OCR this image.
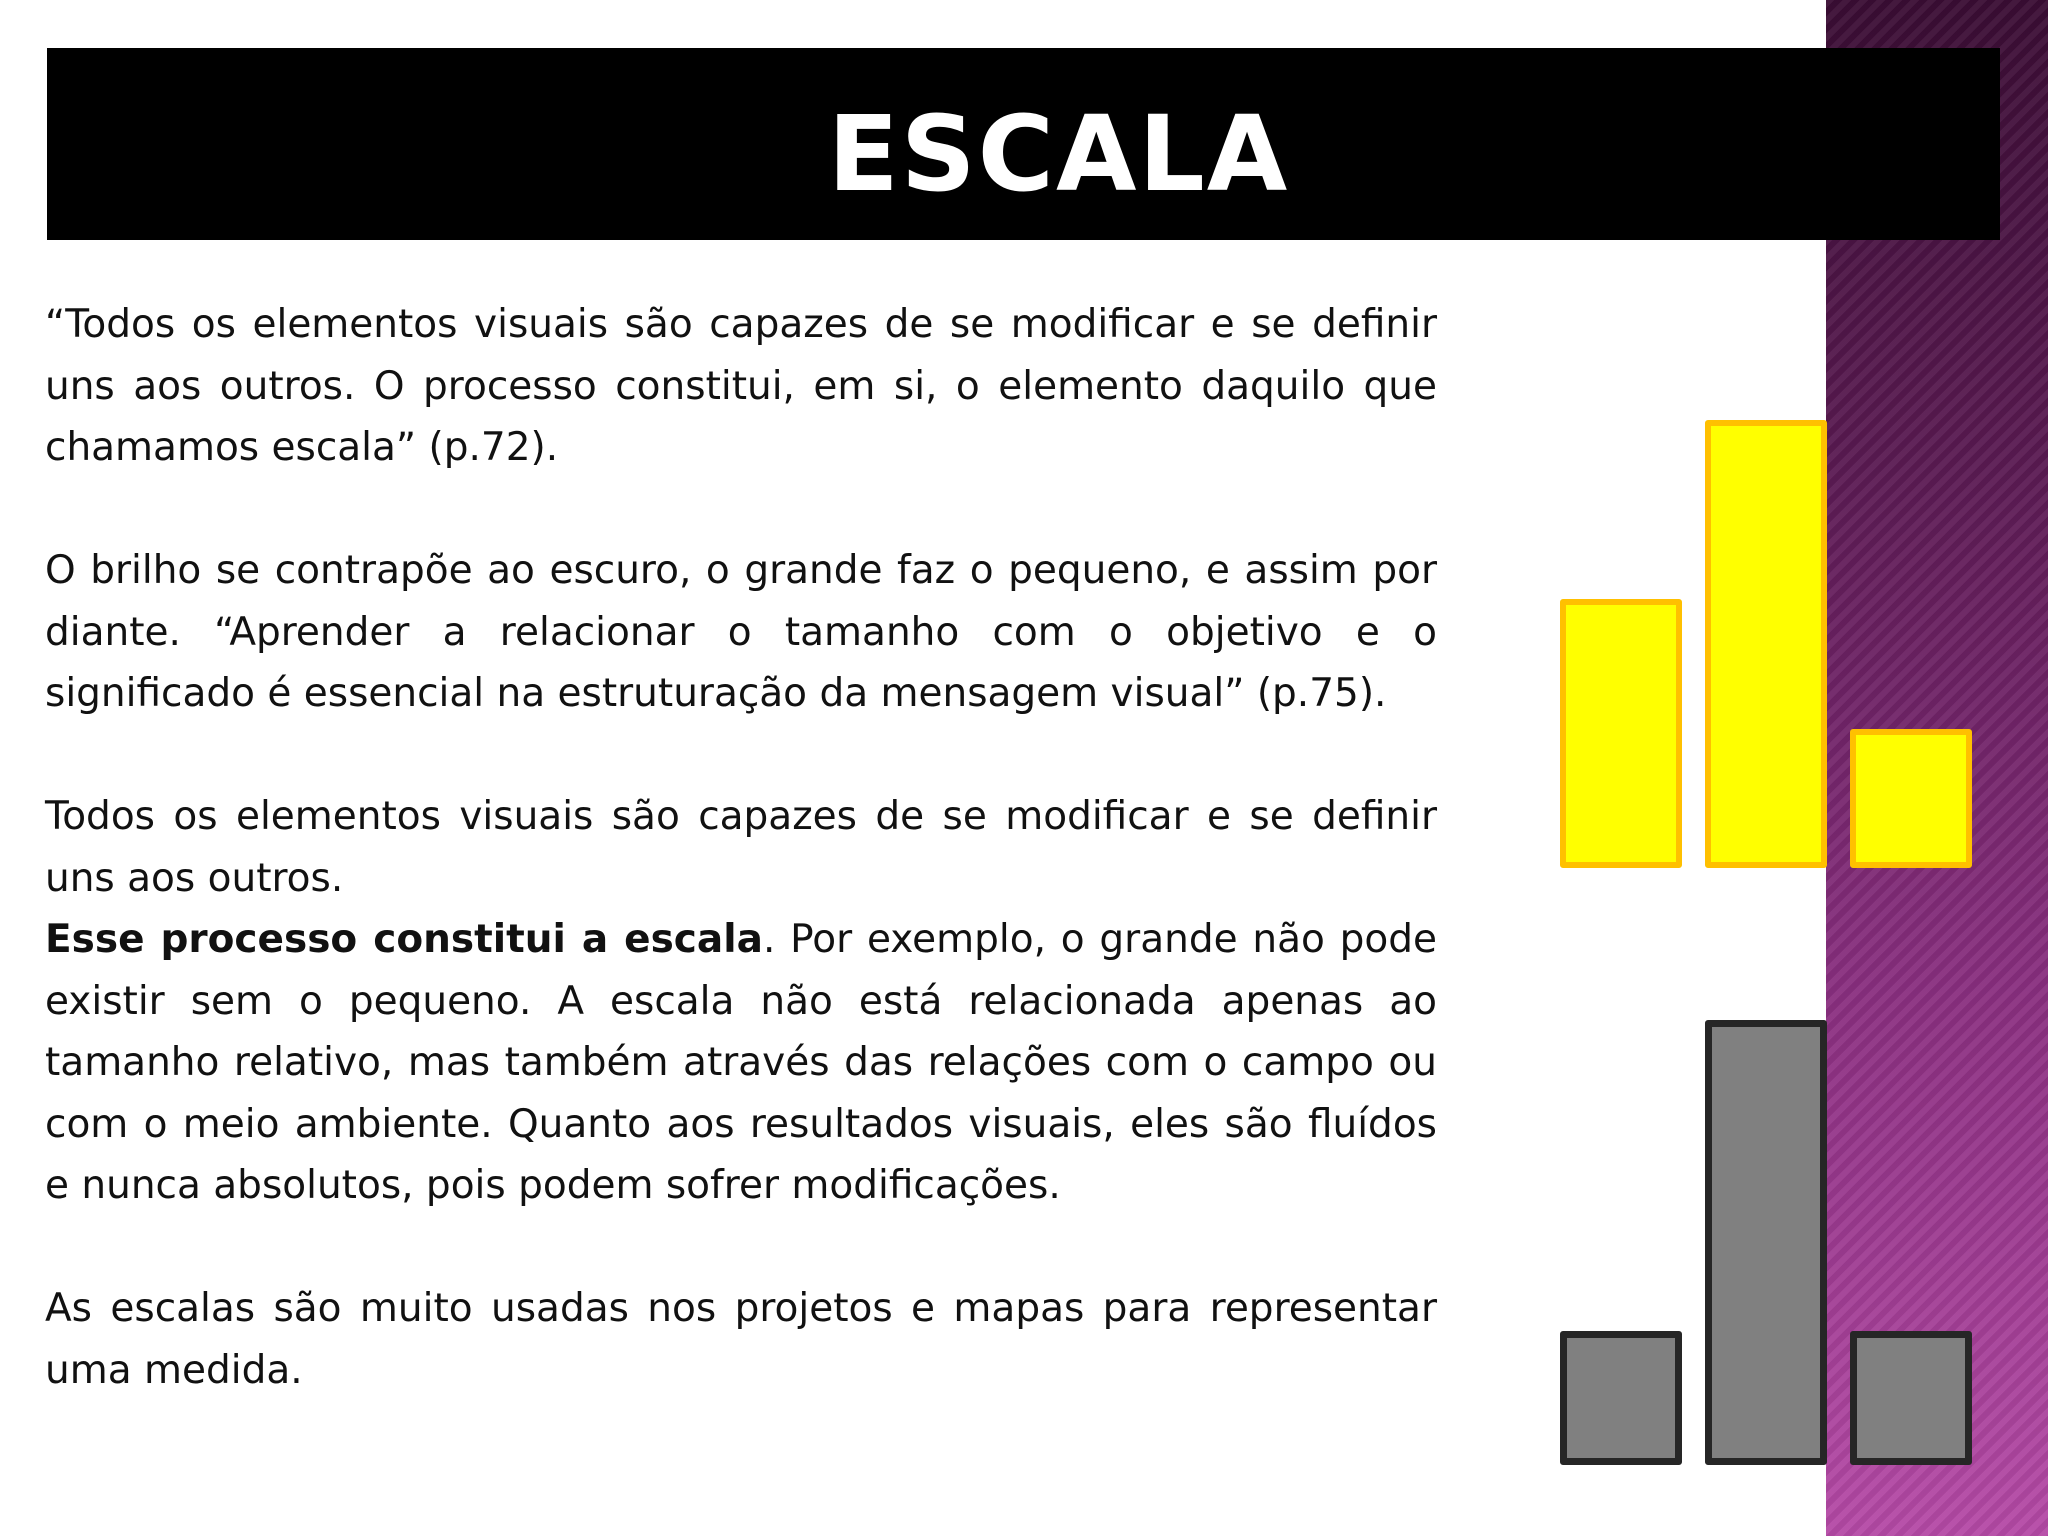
ESCALA

“Todos os elementos visuais são capazes de se modificar e se definir uns aos outros. O processo constitui, em si, o elemento daquilo que chamamos escala” (p.72).

O brilho se contrapõe ao escuro, o grande faz o pequeno, e assim por diante. “Aprender a relacionar o tamanho com o objetivo e o significado é essencial na estruturação da mensagem visual” (p.75).

Todos os elementos visuais são capazes de se modificar e se definir uns aos outros.

Esse processo constitui a escala. Por exemplo, o grande não pode existir sem o pequeno. A escala não está relacionada apenas ao tamanho relativo, mas também através das relações com o campo ou com o meio ambiente. Quanto aos resultados visuais, eles são fluídos e nunca absolutos, pois podem sofrer modificações.

As escalas são muito usadas nos projetos e mapas para representar uma medida.
